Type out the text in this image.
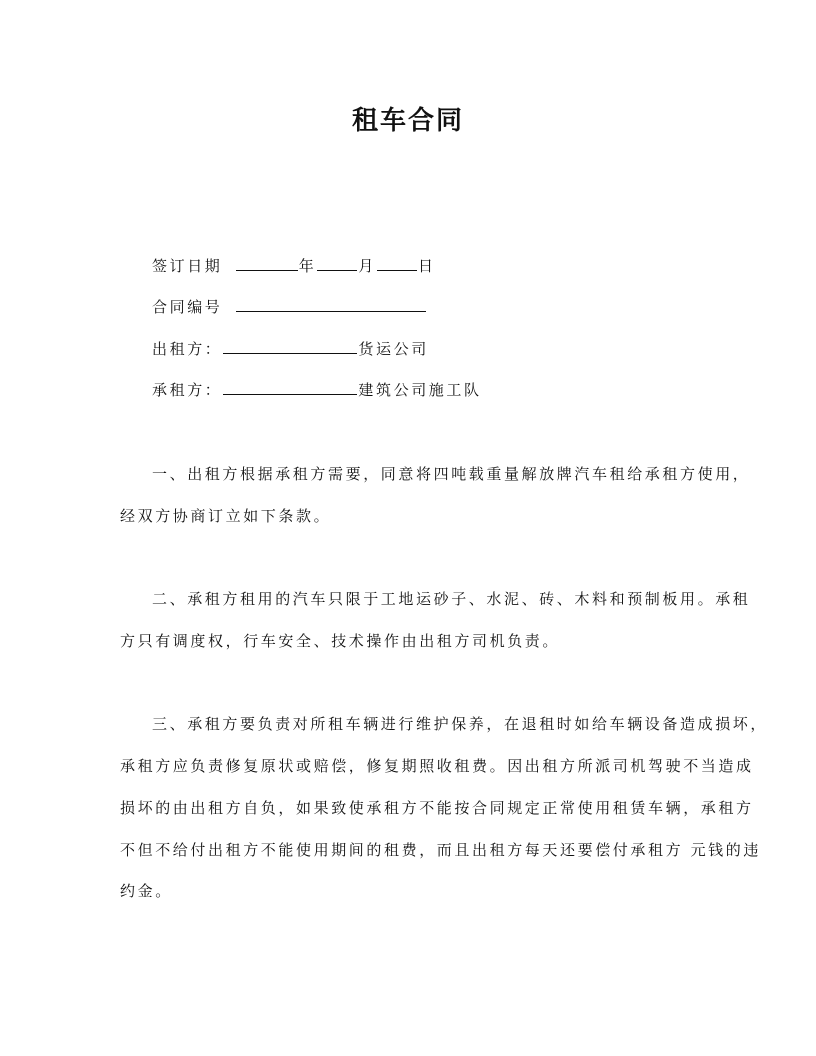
租车合同
签订日期	年	月	日
合同编号
出租方：	货运公司
承租方：	建筑公司施工队
一、出租方根据承租方需要，同意将四吨载重量解放牌汽车租给承租方使用，
经双方协商订立如下条款。
二、承租方租用的汽车只限于工地运砂子、水泥、砖、木料和预制板用。承租
方只有调度权，行车安全、技术操作由出租方司机负责。
三、承租方要负责对所租车辆进行维护保养，在退租时如给车辆设备造成损坏，
承租方应负责修复原状或赔偿，修复期照收租费。因出租方所派司机驾驶不当造成
损坏的由出租方自负，如果致使承租方不能按合同规定正常使用租赁车辆，承租方
不但不给付出租方不能使用期间的租费，而且出租方每天还要偿付承租方 元钱的违
约金。
